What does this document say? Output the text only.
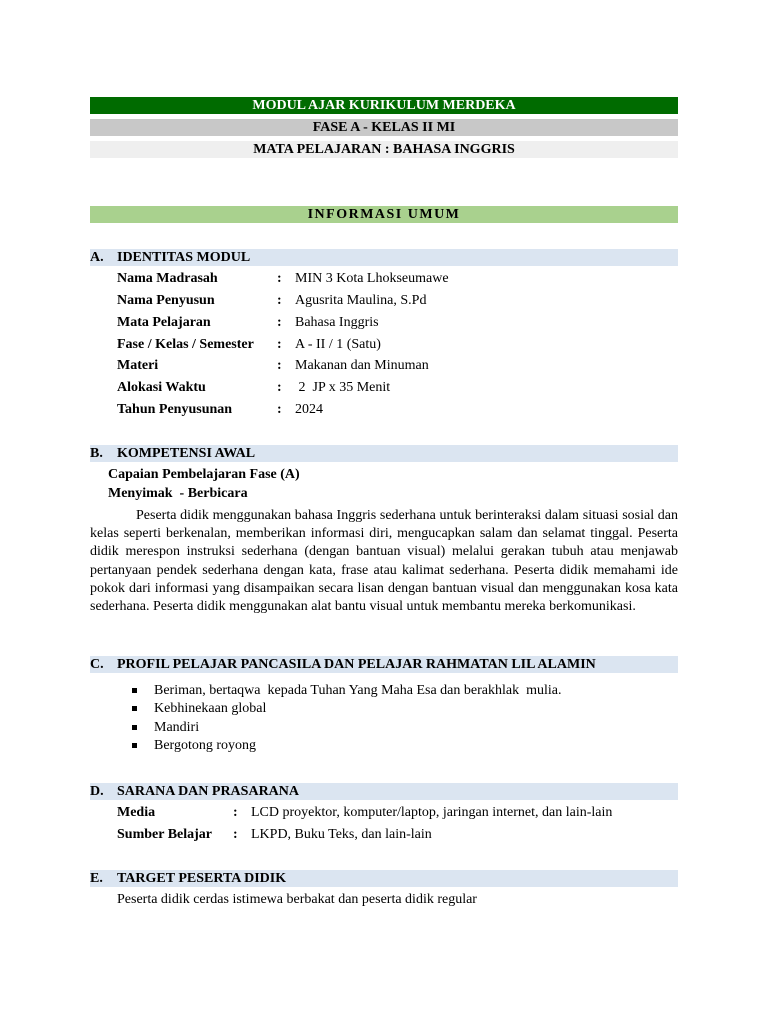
MODUL AJAR KURIKULUM MERDEKA
FASE A - KELAS II MI
MATA PELAJARAN : BAHASA INGGRIS
INFORMASI UMUM
A. IDENTITAS MODUL
Nama Madrasah	: MIN 3 Kota Lhokseumawe
Nama Penyusun	: Agusrita Maulina, S.Pd
Mata Pelajaran	: Bahasa Inggris
Fase / Kelas / Semester : A - II / 1 (Satu)
Materi	: Makanan dan Minuman
Alokasi Waktu	: 2  JP x 35 Menit
Tahun Penyusunan	: 2024
B. KOMPETENSI AWAL
Capaian Pembelajaran Fase (A)
Menyimak  - Berbicara

Peserta didik menggunakan bahasa Inggris sederhana untuk berinteraksi dalam situasi sosial dan kelas seperti berkenalan, memberikan informasi diri, mengucapkan salam dan selamat tinggal. Peserta didik merespon instruksi sederhana (dengan bantuan visual) melalui gerakan tubuh atau menjawab pertanyaan pendek sederhana dengan kata, frase atau kalimat sederhana. Peserta didik memahami ide pokok dari informasi yang disampaikan secara lisan dengan bantuan visual dan menggunakan kosa kata sederhana. Peserta didik menggunakan alat bantu visual untuk membantu mereka berkomunikasi.

C. PROFIL PELAJAR PANCASILA DAN PELAJAR RAHMATAN LIL ALAMIN
Beriman, bertaqwa  kepada Tuhan Yang Maha Esa dan berakhlak  mulia.
Kebhinekaan global
Mandiri
Bergotong royong
D. SARANA DAN PRASARANA
Media	: LCD proyektor, komputer/laptop, jaringan internet, dan lain-lain
Sumber Belajar : LKPD, Buku Teks, dan lain-lain
E. TARGET PESERTA DIDIK
Peserta didik cerdas istimewa berbakat dan peserta didik regular
